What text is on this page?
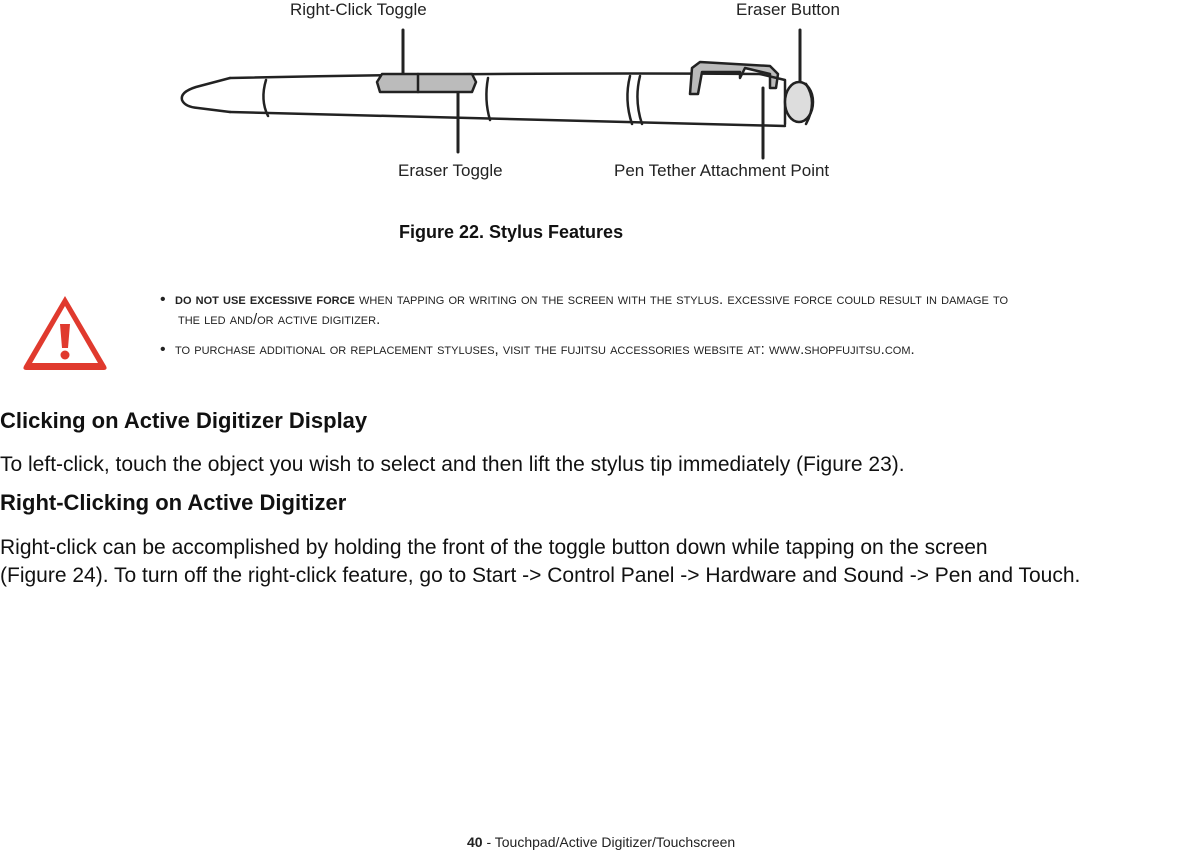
Right-Click Toggle	Eraser Button
Eraser Toggle	Pen Tether Attachment Point
Figure 22. Stylus Features
• do not use excessive force when tapping or writing on the screen with the stylus. excessive force could result in damage to
the led and/or active digitizer.
• to purchase additional or replacement styluses, visit the fujitsu accessories website at: www.shopfujitsu.com.
Clicking on Active Digitizer Display
To left-click, touch the object you wish to select and then lift the stylus tip immediately (Figure 23).
Right-Clicking on Active Digitizer
Right-click can be accomplished by holding the front of the toggle button down while tapping on the screen
(Figure 24). To turn off the right-click feature, go to Start -> Control Panel -> Hardware and Sound -> Pen and Touch.
40 - Touchpad/Active Digitizer/Touchscreen
